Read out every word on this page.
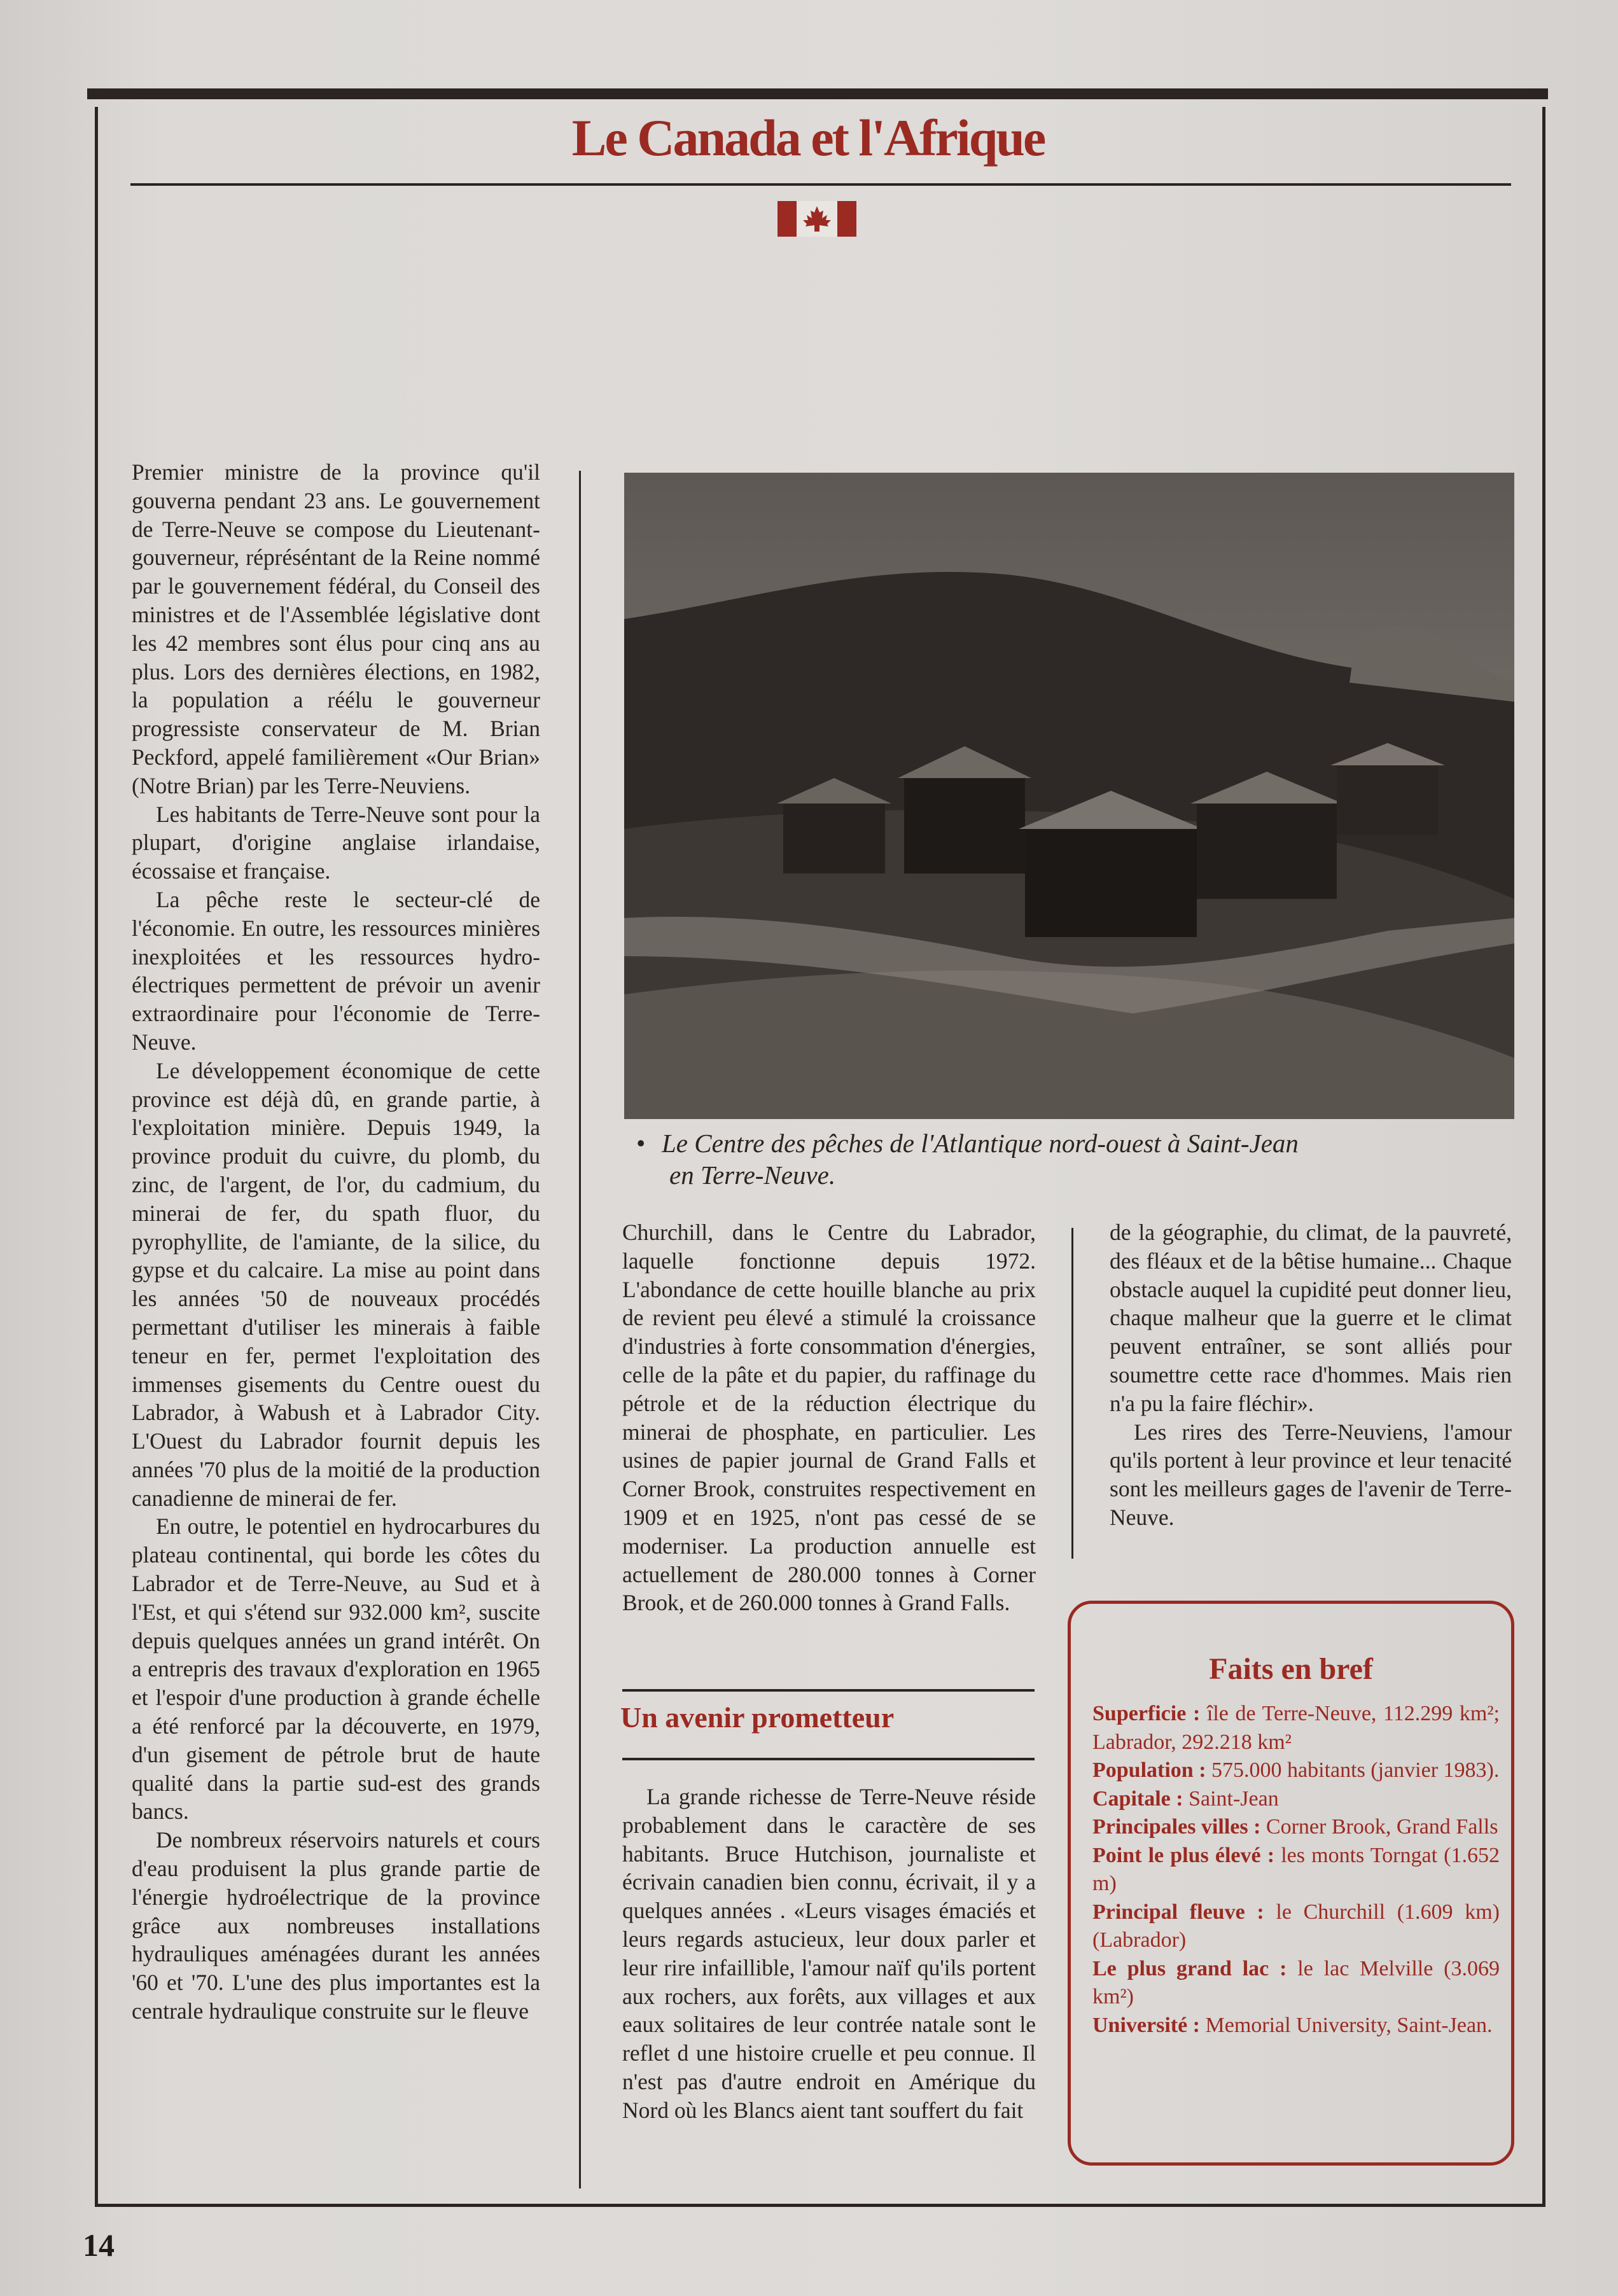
Le Canada et l'Afrique

Premier ministre de la province qu'il gouverna pendant 23 ans. Le gouvernement de Terre-Neuve se compose du Lieutenant-gouverneur, répréséntant de la Reine nommé par le gouvernement fédéral, du Conseil des ministres et de l'Assemblée législative dont les 42 membres sont élus pour cinq ans au plus. Lors des dernières élections, en 1982, la population a réélu le gouverneur progressiste conservateur de M. Brian Peckford, appelé familièrement «Our Brian» (Notre Brian) par les Terre-Neuviens.

Les habitants de Terre-Neuve sont pour la plupart, d'origine anglaise irlandaise, écossaise et française.

La pêche reste le secteur-clé de l'économie. En outre, les ressources minières inexploitées et les ressources hydro-électriques permettent de prévoir un avenir extraordinaire pour l'économie de Terre-Neuve.

Le développement économique de cette province est déjà dû, en grande partie, à l'exploitation minière. Depuis 1949, la province produit du cuivre, du plomb, du zinc, de l'argent, de l'or, du cadmium, du minerai de fer, du spath fluor, du pyrophyllite, de l'amiante, de la silice, du gypse et du calcaire. La mise au point dans les années '50 de nouveaux procédés permettant d'utiliser les minerais à faible teneur en fer, permet l'exploitation des immenses gisements du Centre ouest du Labrador, à Wabush et à Labrador City. L'Ouest du Labrador fournit depuis les années '70 plus de la moitié de la production canadienne de minerai de fer.

En outre, le potentiel en hydrocarbures du plateau continental, qui borde les côtes du Labrador et de Terre-Neuve, au Sud et à l'Est, et qui s'étend sur 932.000 km², suscite depuis quelques années un grand intérêt. On a entrepris des travaux d'exploration en 1965 et l'espoir d'une production à grande échelle a été renforcé par la découverte, en 1979, d'un gisement de pétrole brut de haute qualité dans la partie sud-est des grands bancs.

De nombreux réservoirs naturels et cours d'eau produisent la plus grande partie de l'énergie hydroélectrique de la province grâce aux nombreuses installations hydrauliques aménagées durant les années '60 et '70. L'une des plus importantes est la centrale hydraulique construite sur le fleuve

• Le Centre des pêches de l'Atlantique nord-ouest à Saint-Jean
en Terre-Neuve.

Churchill, dans le Centre du Labrador, laquelle fonctionne depuis 1972. L'abondance de cette houille blanche au prix de revient peu élevé a stimulé la croissance d'industries à forte consommation d'énergies, celle de la pâte et du papier, du raffinage du pétrole et de la réduction électrique du minerai de phosphate, en particulier. Les usines de papier journal de Grand Falls et Corner Brook, construites respectivement en 1909 et en 1925, n'ont pas cessé de se moderniser. La production annuelle est actuellement de 280.000 tonnes à Corner Brook, et de 260.000 tonnes à Grand Falls.

Un avenir prometteur

La grande richesse de Terre-Neuve réside probablement dans le caractère de ses habitants. Bruce Hutchison, journaliste et écrivain canadien bien connu, écrivait, il y a quelques années . «Leurs visages émaciés et leurs regards astucieux, leur doux parler et leur rire infaillible, l'amour naïf qu'ils portent aux rochers, aux forêts, aux villages et aux eaux solitaires de leur contrée natale sont le reflet d une histoire cruelle et peu connue. Il n'est pas d'autre endroit en Amérique du Nord où les Blancs aient tant souffert du fait

de la géographie, du climat, de la pauvreté, des fléaux et de la bêtise humaine... Chaque obstacle auquel la cupidité peut donner lieu, chaque malheur que la guerre et le climat peuvent entraîner, se sont alliés pour soumettre cette race d'hommes. Mais rien n'a pu la faire fléchir».

Les rires des Terre-Neuviens, l'amour qu'ils portent à leur province et leur tenacité sont les meilleurs gages de l'avenir de Terre-Neuve.

Faits en bref
Superficie : île de Terre-Neuve, 112.299 km²; Labrador, 292.218 km²
Population : 575.000 habitants (janvier 1983).
Capitale : Saint-Jean
Principales villes : Corner Brook, Grand Falls
Point le plus élevé : les monts Torngat (1.652 m)
Principal fleuve : le Churchill (1.609 km) (Labrador)
Le plus grand lac : le lac Melville (3.069 km²)
Université : Memorial University, Saint-Jean.
14
